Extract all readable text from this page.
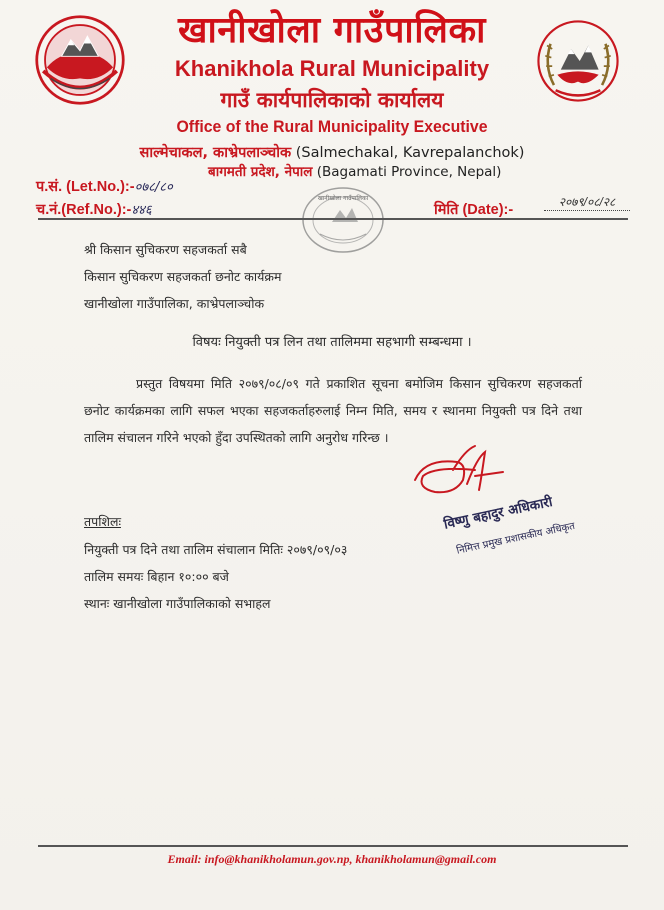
खानीखोला गाउँपालिका
Khanikhola Rural Municipality
गाउँ कार्यपालिकाको कार्यालय
Office of the Rural Municipality Executive
साल्मेचाकल, काभ्रेपलाञ्चोक (Salmechakal, Kavrepalanchok)
बागमती प्रदेश, नेपाल (Bagamati Province, Nepal)
प.सं. (Let.No.):-०७८/८०
च.नं.(Ref.No.):-४४६	मिति (Date):-	२०७९/०८/२८
खानीखोला गाउँपालिका
श्री किसान सुचिकरण सहजकर्ता सबै
किसान सुचिकरण सहजकर्ता छनोट कार्यक्रम
खानीखोला गाउँपालिका, काभ्रेपलाञ्चोक
विषयः नियुक्ती पत्र लिन तथा तालिममा सहभागी सम्बन्धमा ।
प्रस्तुत विषयमा मिति २०७९/०८/०९ गते प्रकाशित सूचना बमोजिम किसान सुचिकरण सहजकर्ता छनोट कार्यक्रमका लागि सफल भएका सहजकर्ताहरुलाई निम्न मिति, समय र स्थानमा नियुक्ती पत्र दिने तथा तालिम संचालन गरिने भएको हुँदा उपस्थितको लागि अनुरोध गरिन्छ ।
विष्णु बहादुर अधिकारी
निमित्त प्रमुख प्रशासकीय अधिकृत
तपशिलः
नियुक्ती पत्र दिने तथा तालिम संचालान मितिः २०७९/०९/०३
तालिम समयः बिहान १०:०० बजे
स्थानः खानीखोला गाउँपालिकाको सभाहल
Email: info@khanikholamun.gov.np, khanikholamun@gmail.com
